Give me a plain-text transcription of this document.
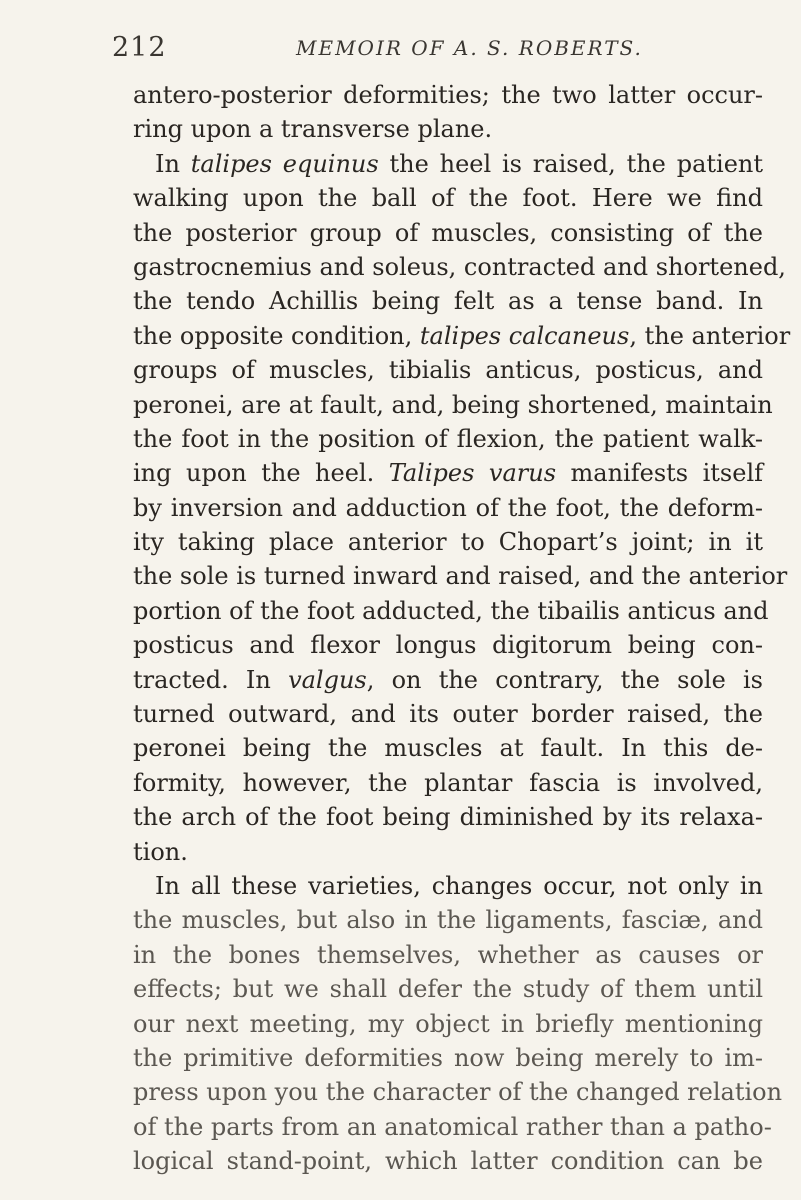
212	MEMOIR OF A. S. ROBERTS.
antero-posterior deformities; the two latter occur-
ring upon a transverse plane.
In talipes equinus the heel is raised, the patient
walking upon the ball of the foot. Here we find
the posterior group of muscles, consisting of the
gastrocnemius and soleus, contracted and shortened,
the tendo Achillis being felt as a tense band. In
the opposite condition, talipes calcaneus, the anterior
groups of muscles, tibialis anticus, posticus, and
peronei, are at fault, and, being shortened, maintain
the foot in the position of flexion, the patient walk-
ing upon the heel. Talipes varus manifests itself
by inversion and adduction of the foot, the deform-
ity taking place anterior to Chopart’s joint; in it
the sole is turned inward and raised, and the anterior
portion of the foot adducted, the tibailis anticus and
posticus and flexor longus digitorum being con-
tracted. In valgus, on the contrary, the sole is
turned outward, and its outer border raised, the
peronei being the muscles at fault. In this de-
formity, however, the plantar fascia is involved,
the arch of the foot being diminished by its relaxa-
tion.
In all these varieties, changes occur, not only in
the muscles, but also in the ligaments, fasciæ, and
in the bones themselves, whether as causes or
effects; but we shall defer the study of them until
our next meeting, my object in briefly mentioning
the primitive deformities now being merely to im-
press upon you the character of the changed relation
of the parts from an anatomical rather than a patho-
logical stand-point, which latter condition can be
